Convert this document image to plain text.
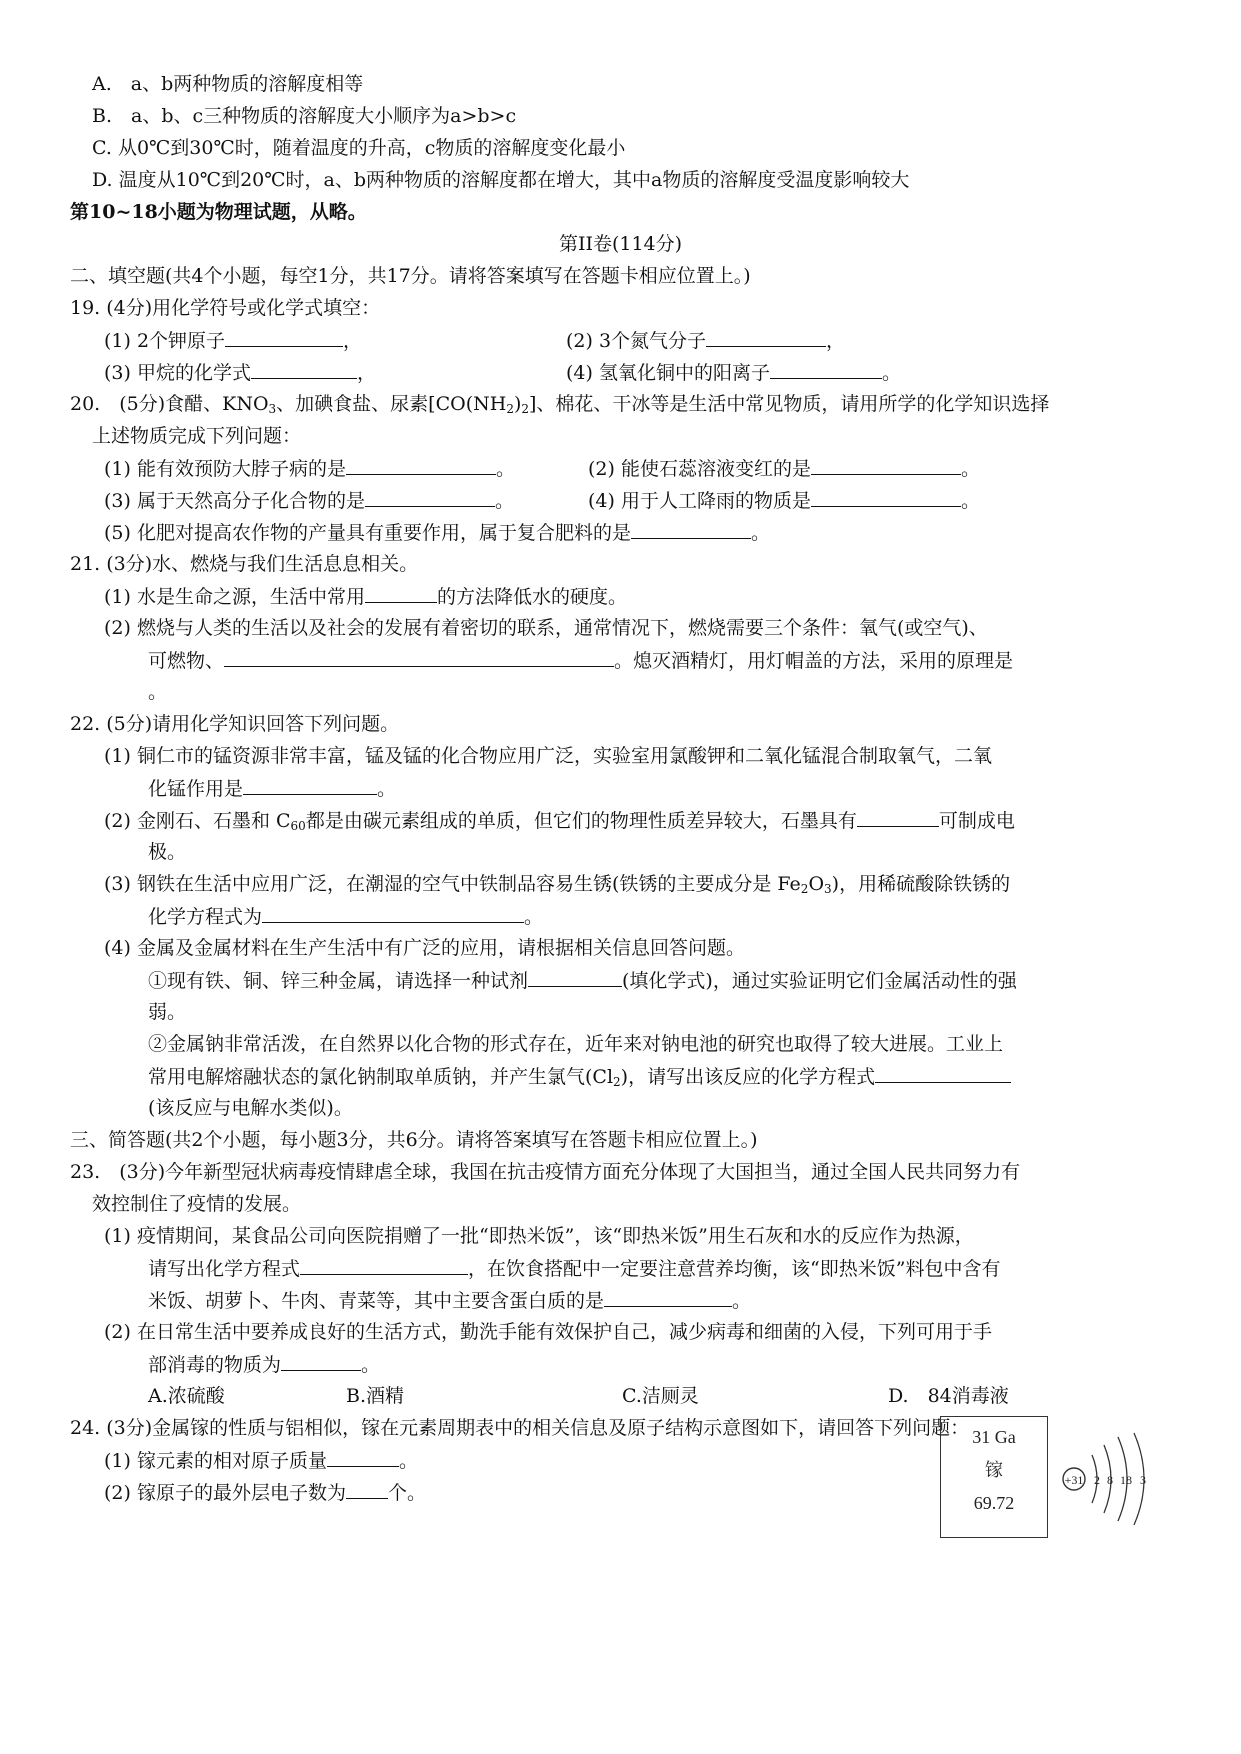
A.　a、b两种物质的溶解度相等
B.　a、b、c三种物质的溶解度大小顺序为a>b>c
C. 从0℃到30℃时，随着温度的升高，c物质的溶解度变化最小
D. 温度从10℃到20℃时，a、b两种物质的溶解度都在增大，其中a物质的溶解度受温度影响较大
第10~18小题为物理试题，从略。
第II卷(114分)
二、填空题(共4个小题，每空1分，共17分。请将答案填写在答题卡相应位置上。)
19. (4分)用化学符号或化学式填空：
(1) 2个钾原子	，	(2) 3个氮气分子	，
(3) 甲烷的化学式	，	(4) 氢氧化铜中的阳离子	。
20.　(5分)食醋、$KNO_3$、加碘食盐、尿素$[CO(NH_2)_2]$、棉花、干冰等是生活中常见物质，请用所学的化学知识选择
上述物质完成下列问题：
(1) 能有效预防大脖子病的是	。	(2) 能使石蕊溶液变红的是	。
(3) 属于天然高分子化合物的是	。	(4) 用于人工降雨的物质是	。
(5) 化肥对提高农作物的产量具有重要作用，属于复合肥料的是	。
21. (3分)水、燃烧与我们生活息息相关。
(1) 水是生命之源，生活中常用	的方法降低水的硬度。
(2) 燃烧与人类的生活以及社会的发展有着密切的联系，通常情况下，燃烧需要三个条件：氧气(或空气)、
可燃物、	。熄灭酒精灯，用灯帽盖的方法，采用的原理是
。
22. (5分)请用化学知识回答下列问题。
(1) 铜仁市的锰资源非常丰富，锰及锰的化合物应用广泛，实验室用氯酸钾和二氧化锰混合制取氧气，二氧
化锰作用是	。
(2) 金刚石、石墨和 $C_{60}$都是由碳元素组成的单质，但它们的物理性质差异较大，石墨具有	可制成电
极。
(3) 钢铁在生活中应用广泛，在潮湿的空气中铁制品容易生锈(铁锈的主要成分是 $Fe_2O_3$)，用稀硫酸除铁锈的
化学方程式为	。
(4) 金属及金属材料在生产生活中有广泛的应用，请根据相关信息回答问题。
①现有铁、铜、锌三种金属，请选择一种试剂	(填化学式)，通过实验证明它们金属活动性的强
弱。
②金属钠非常活泼，在自然界以化合物的形式存在，近年来对钠电池的研究也取得了较大进展。工业上
常用电解熔融状态的氯化钠制取单质钠，并产生氯气$(Cl_2)$，请写出该反应的化学方程式
(该反应与电解水类似)。
三、简答题(共2个小题，每小题3分，共6分。请将答案填写在答题卡相应位置上。)
23.　(3分)今年新型冠状病毒疫情肆虐全球，我国在抗击疫情方面充分体现了大国担当，通过全国人民共同努力有
效控制住了疫情的发展。
(1) 疫情期间，某食品公司向医院捐赠了一批“即热米饭”，该“即热米饭”用生石灰和水的反应作为热源，
请写出化学方程式	，在饮食搭配中一定要注意营养均衡，该“即热米饭”料包中含有
米饭、胡萝卜、牛肉、青菜等，其中主要含蛋白质的是	。
(2) 在日常生活中要养成良好的生活方式，勤洗手能有效保护自己，减少病毒和细菌的入侵，下列可用于手
部消毒的物质为	。
A.浓硫酸	B.酒精	C.洁厕灵	D.　84消毒液
24. (3分)金属镓的性质与铝相似，镓在元素周期表中的相关信息及原子结构示意图如下，请回答下列问题：
(1) 镓元素的相对原子质量	。
(2) 镓原子的最外层电子数为 个。
31 Ga
镓
69.72
+31 2 8 18 3
